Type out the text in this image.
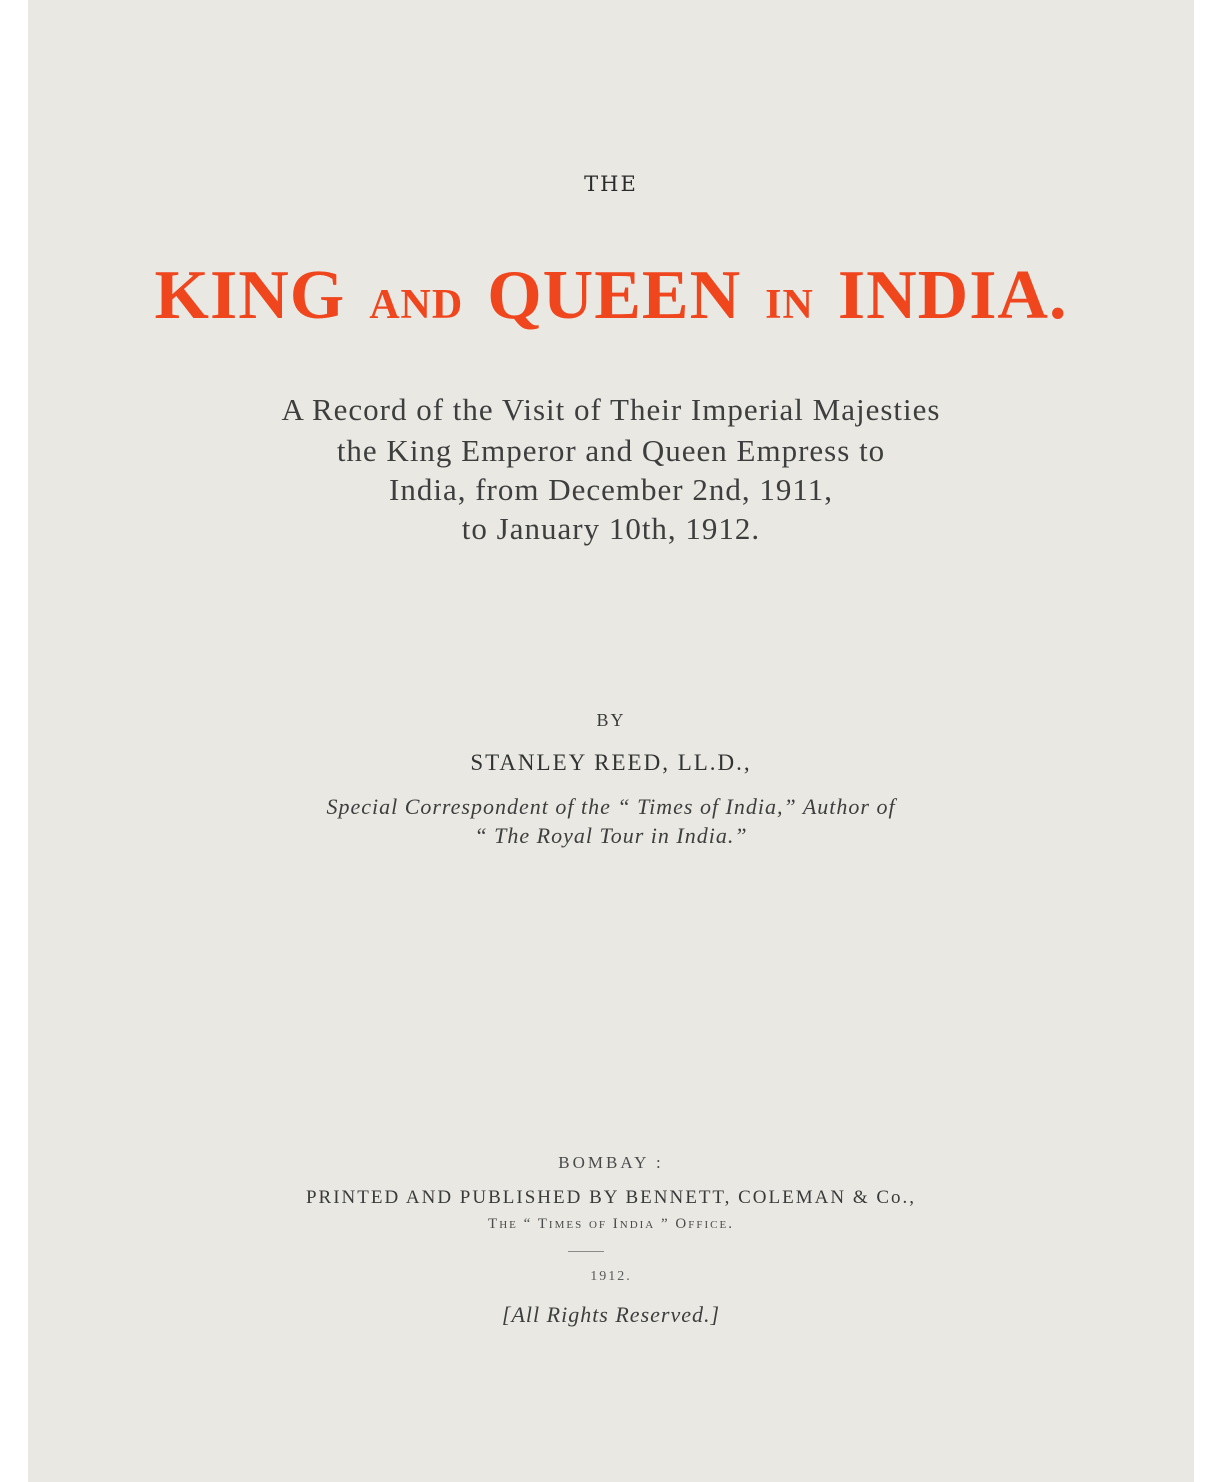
THE
KING AND QUEEN IN INDIA.
A Record of the Visit of Their Imperial Majesties
the King Emperor and Queen Empress to
India, from December 2nd, 1911,
to January 10th, 1912.
BY
STANLEY REED, LL.D.,
Special Correspondent of the “ Times of India,” Author of
“ The Royal Tour in India.”
BOMBAY :
PRINTED AND PUBLISHED BY BENNETT, COLEMAN & Co.,
The “ Times of India ” Office.
1912.
[All Rights Reserved.]
